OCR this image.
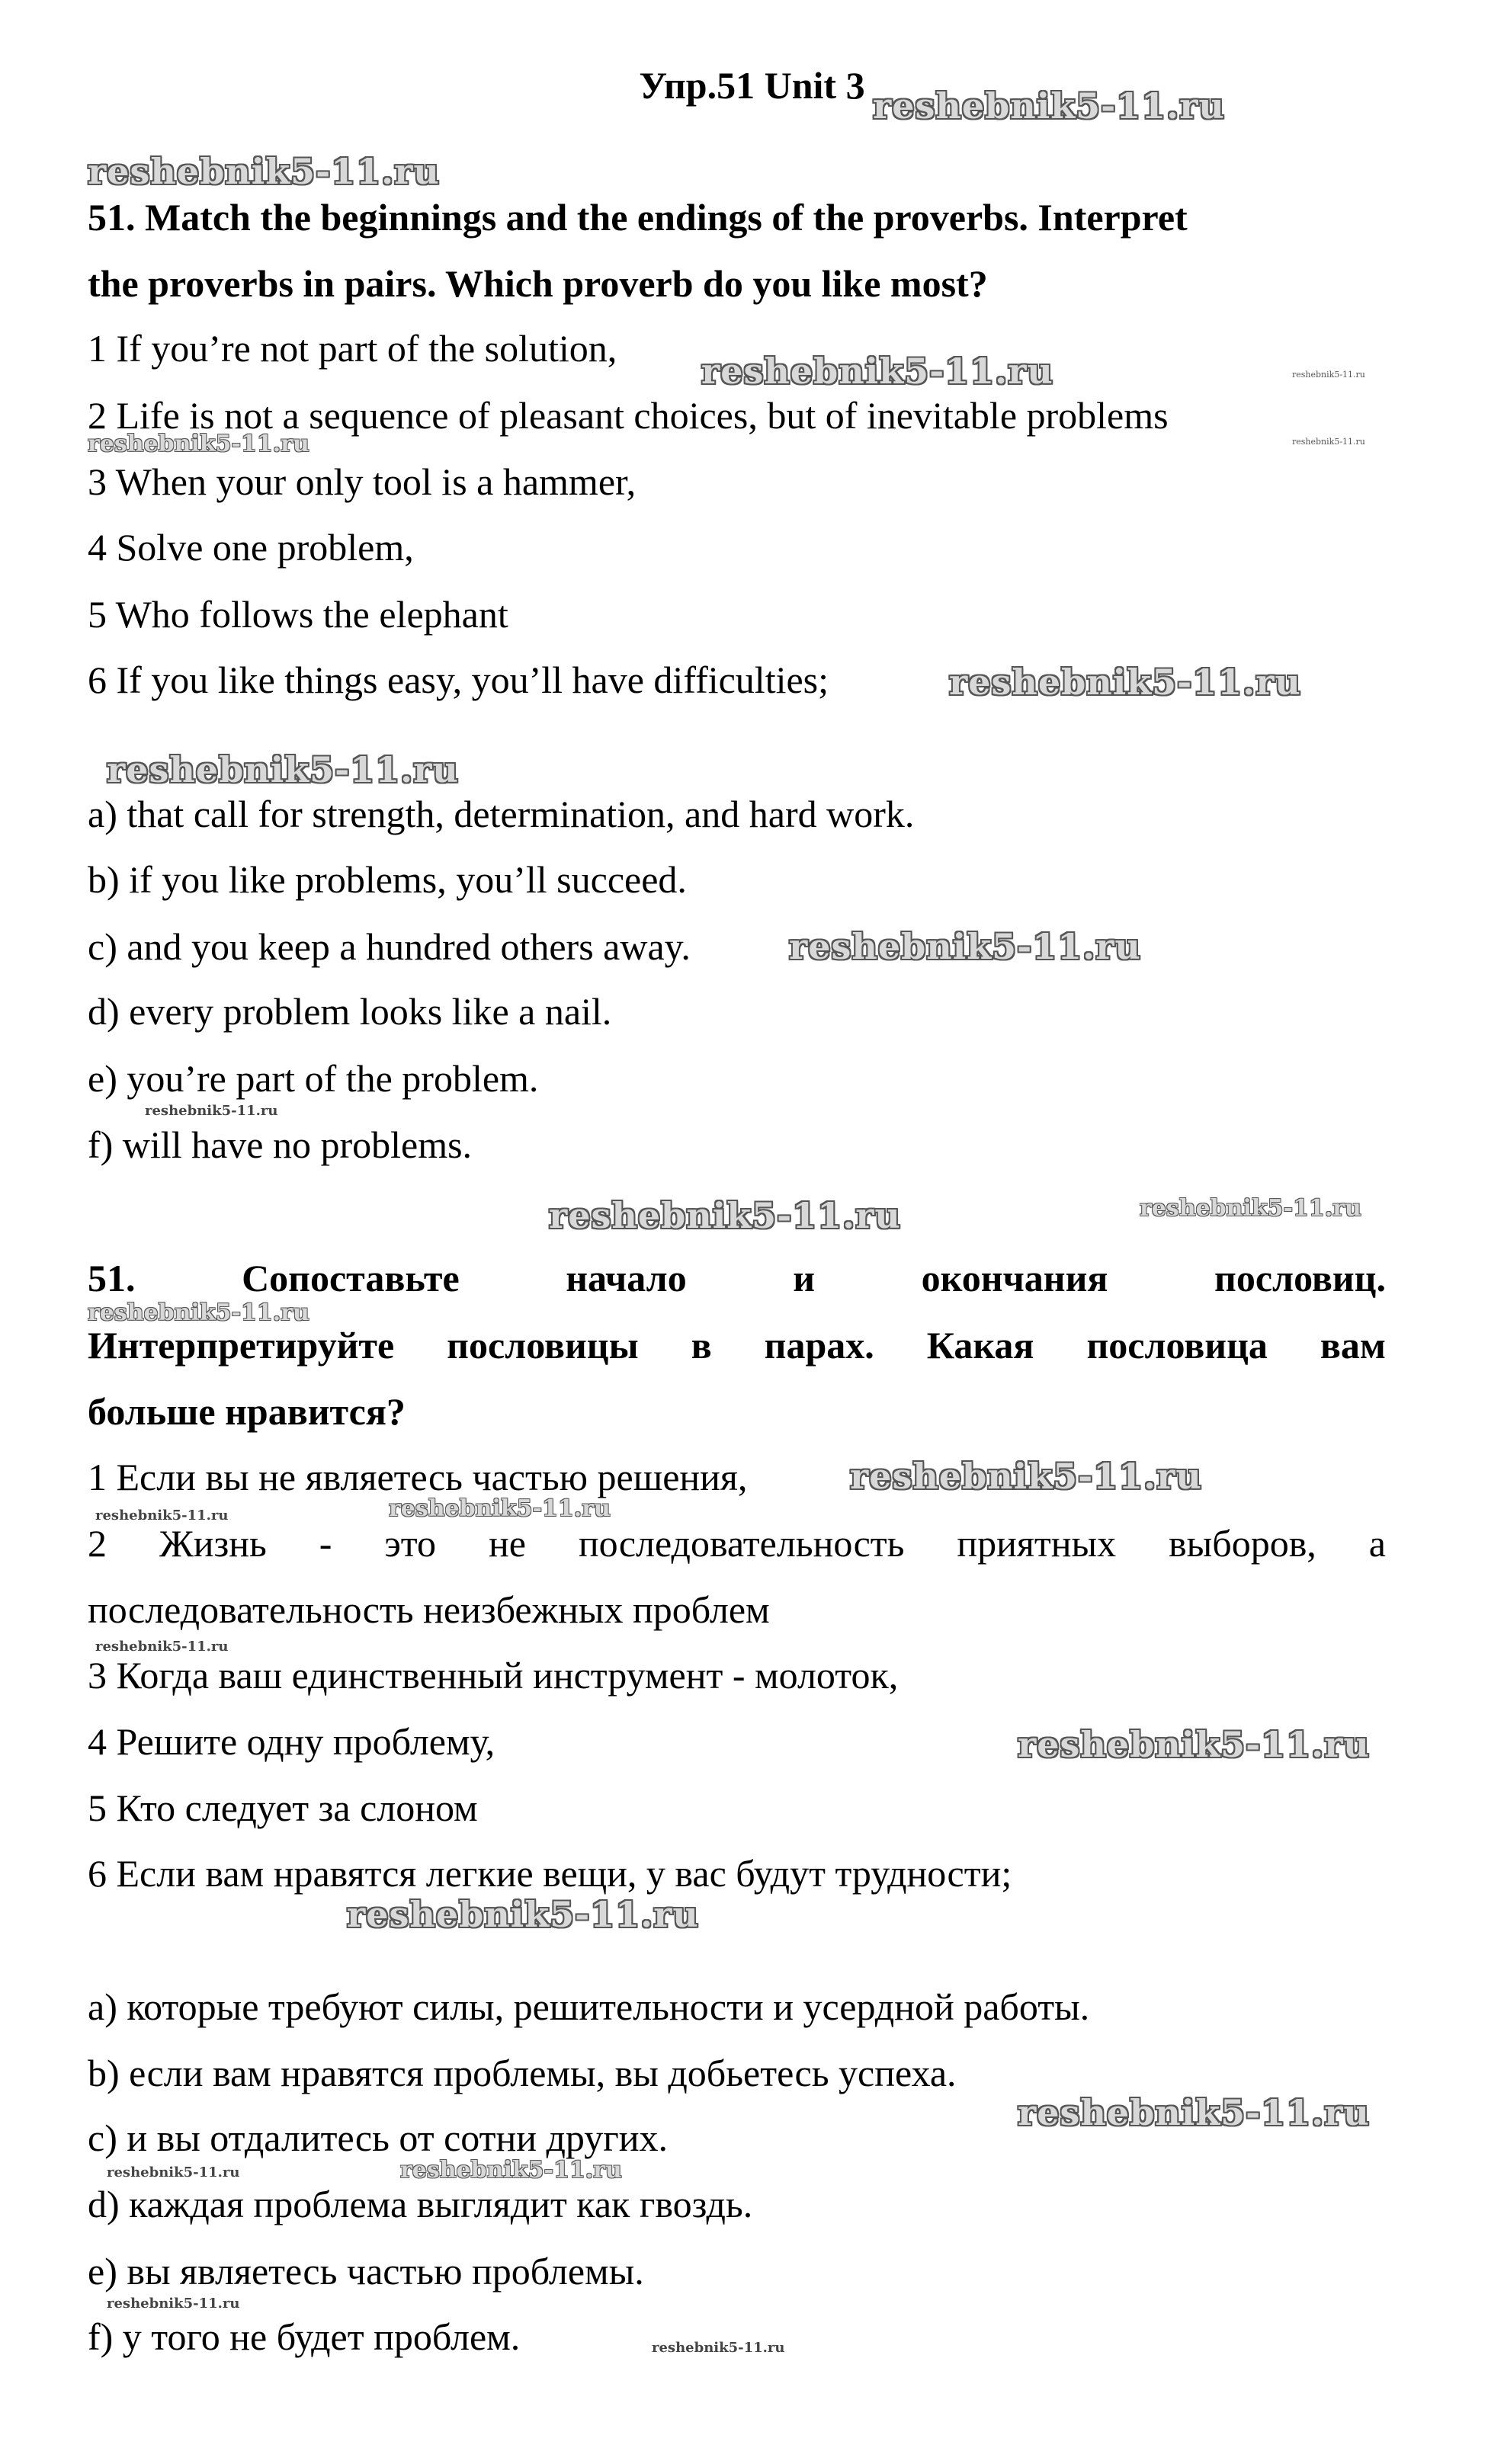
Упр.51 Unit 3
51. Match the beginnings and the endings of the proverbs. Interpret
the proverbs in pairs. Which proverb do you like most?
1 If you’re not part of the solution,
2 Life is not a sequence of pleasant choices, but of inevitable problems
3 When your only tool is a hammer,
4 Solve one problem,
5 Who follows the elephant
6 If you like things easy, you’ll have difficulties;
a) that call for strength, determination, and hard work.
b) if you like problems, you’ll succeed.
c) and you keep a hundred others away.
d) every problem looks like a nail.
e) you’re part of the problem.
f) will have no problems.
51.	Сопоставьте	начало	и	окончания	пословиц.
Интерпретируйте пословицы в парах. Какая пословица вам
больше нравится?
1 Если вы не являетесь частью решения,
2 Жизнь - это не последовательность приятных выборов, а
последовательность неизбежных проблем
3 Когда ваш единственный инструмент - молоток,
4 Решите одну проблему,
5 Кто следует за слоном
6 Если вам нравятся легкие вещи, у вас будут трудности;
a) которые требуют силы, решительности и усердной работы.
b) если вам нравятся проблемы, вы добьетесь успеха.
c) и вы отдалитесь от сотни других.
d) каждая проблема выглядит как гвоздь.
e) вы являетесь частью проблемы.
f) у того не будет проблем.
reshebnik5-11.ru
reshebnik5-11.ru
reshebnik5-11.ru	reshebnik5-11.ru
reshebnik5-11.ru	reshebnik5-11.ru
reshebnik5-11.ru
reshebnik5-11.ru
reshebnik5-11.ru
reshebnik5-11.ru
reshebnik5-11.ru	reshebnik5-11.ru
reshebnik5-11.ru
reshebnik5-11.ru
reshebnik5-11.ru	reshebnik5-11.ru
reshebnik5-11.ru
reshebnik5-11.ru
reshebnik5-11.ru
reshebnik5-11.ru
reshebnik5-11.ru	reshebnik5-11.ru
reshebnik5-11.ru
reshebnik5-11.ru
